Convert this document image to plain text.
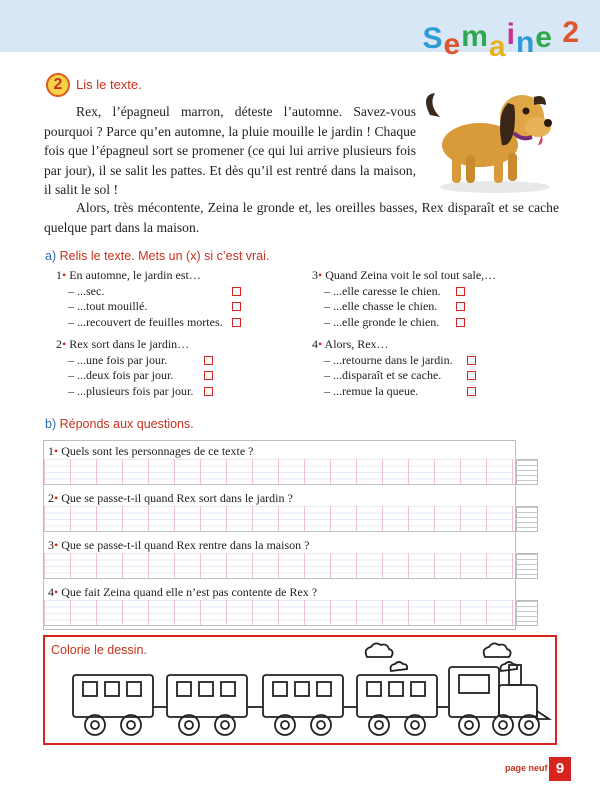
Semaine 2
2	Lis le texte.

Rex, l’épagneul marron, déteste l’automne. Savez-vous pourquoi ? Parce qu’en automne, la pluie mouille le jardin ! Chaque fois que l’épagneul sort se promener (ce qui lui arrive plusieurs fois par jour), il se salit les pattes. Et dès qu’il est rentré dans la maison, il salit le sol !

Alors, très mécontente, Zeina le gronde et, les oreilles basses, Rex disparaît et se cache quelque part dans la maison.

a) Relis le texte. Mets un (x) si c’est vrai.
1• En automne, le jardin est…
– ...sec.
– ...tout mouillé.
– ...recouvert de feuilles mortes.
2• Rex sort dans le jardin…
– ...une fois par jour.
– ...deux fois par jour.
– ...plusieurs fois par jour.
3• Quand Zeina voit le sol tout sale,…
– ...elle caresse le chien.
– ...elle chasse le chien.
– ...elle gronde le chien.
4• Alors, Rex…
– ...retourne dans le jardin.
– ...disparaît et se cache.
– ...remue la queue.
b) Réponds aux questions.
1• Quels sont les personnages de ce texte ?
2• Que se passe-t-il quand Rex sort dans le jardin ?
3• Que se passe-t-il quand Rex rentre dans la maison ?
4• Que fait Zeina quand elle n’est pas contente de Rex ?
Colorie le dessin.
page neuf 9
